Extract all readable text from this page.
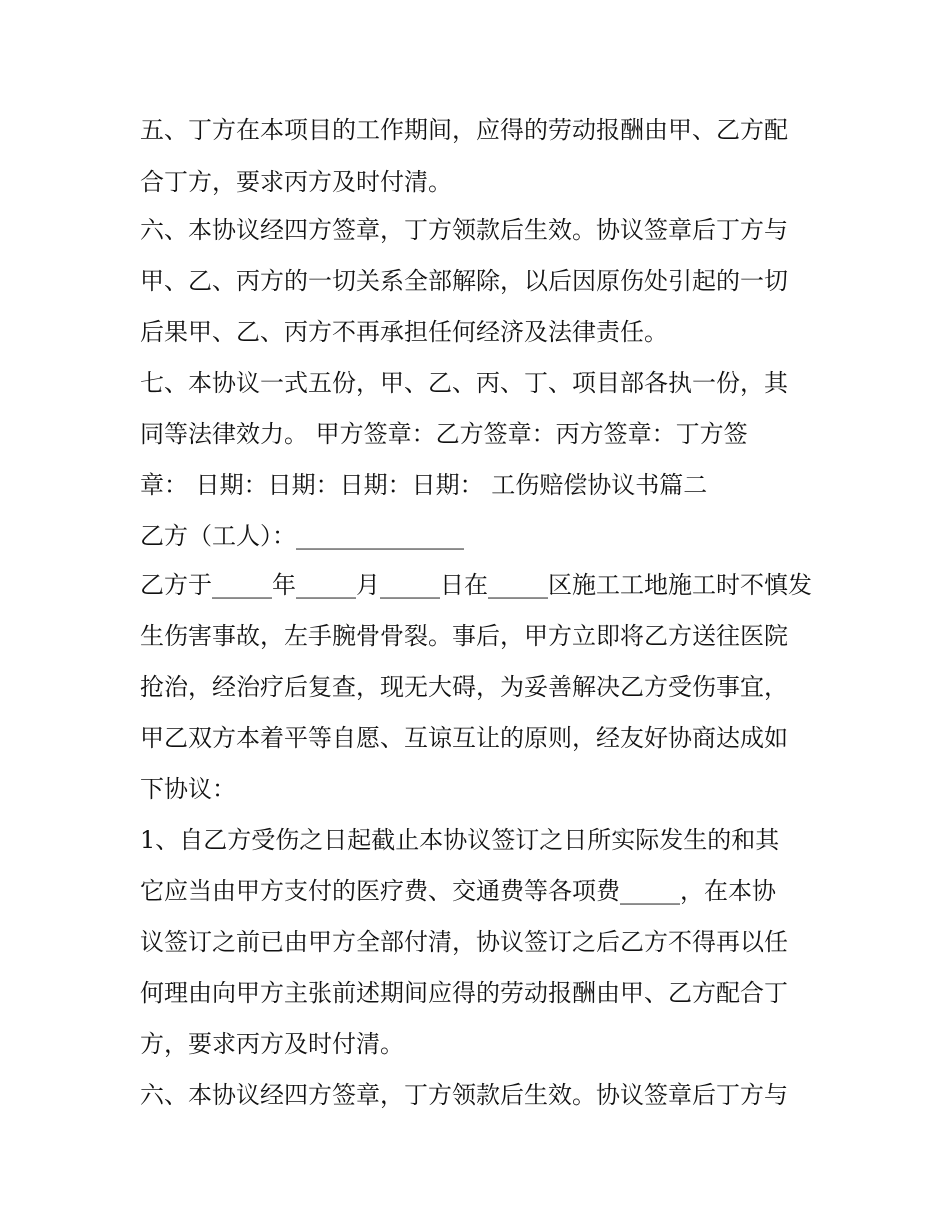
五、丁方在本项目的工作期间，应得的劳动报酬由甲、乙方配
合丁方，要求丙方及时付清。
六、本协议经四方签章，丁方领款后生效。协议签章后丁方与
甲、乙、丙方的一切关系全部解除，以后因原伤处引起的一切
后果甲、乙、丙方不再承担任何经济及法律责任。
七、本协议一式五份，甲、乙、丙、丁、项目部各执一份，其
同等法律效力。 甲方签章：乙方签章：丙方签章：丁方签
章： 日期：日期：日期：日期： 工伤赔偿协议书篇二
乙方（工人）：______________
乙方于_____年_____月_____日在_____区施工工地施工时不慎发
生伤害事故，左手腕骨骨裂。事后，甲方立即将乙方送往医院
抢治，经治疗后复查，现无大碍，为妥善解决乙方受伤事宜，
甲乙双方本着平等自愿、互谅互让的原则，经友好协商达成如
下协议：
1、自乙方受伤之日起截止本协议签订之日所实际发生的和其
它应当由甲方支付的医疗费、交通费等各项费_____，在本协
议签订之前已由甲方全部付清，协议签订之后乙方不得再以任
何理由向甲方主张前述期间应得的劳动报酬由甲、乙方配合丁
方，要求丙方及时付清。
六、本协议经四方签章，丁方领款后生效。协议签章后丁方与
